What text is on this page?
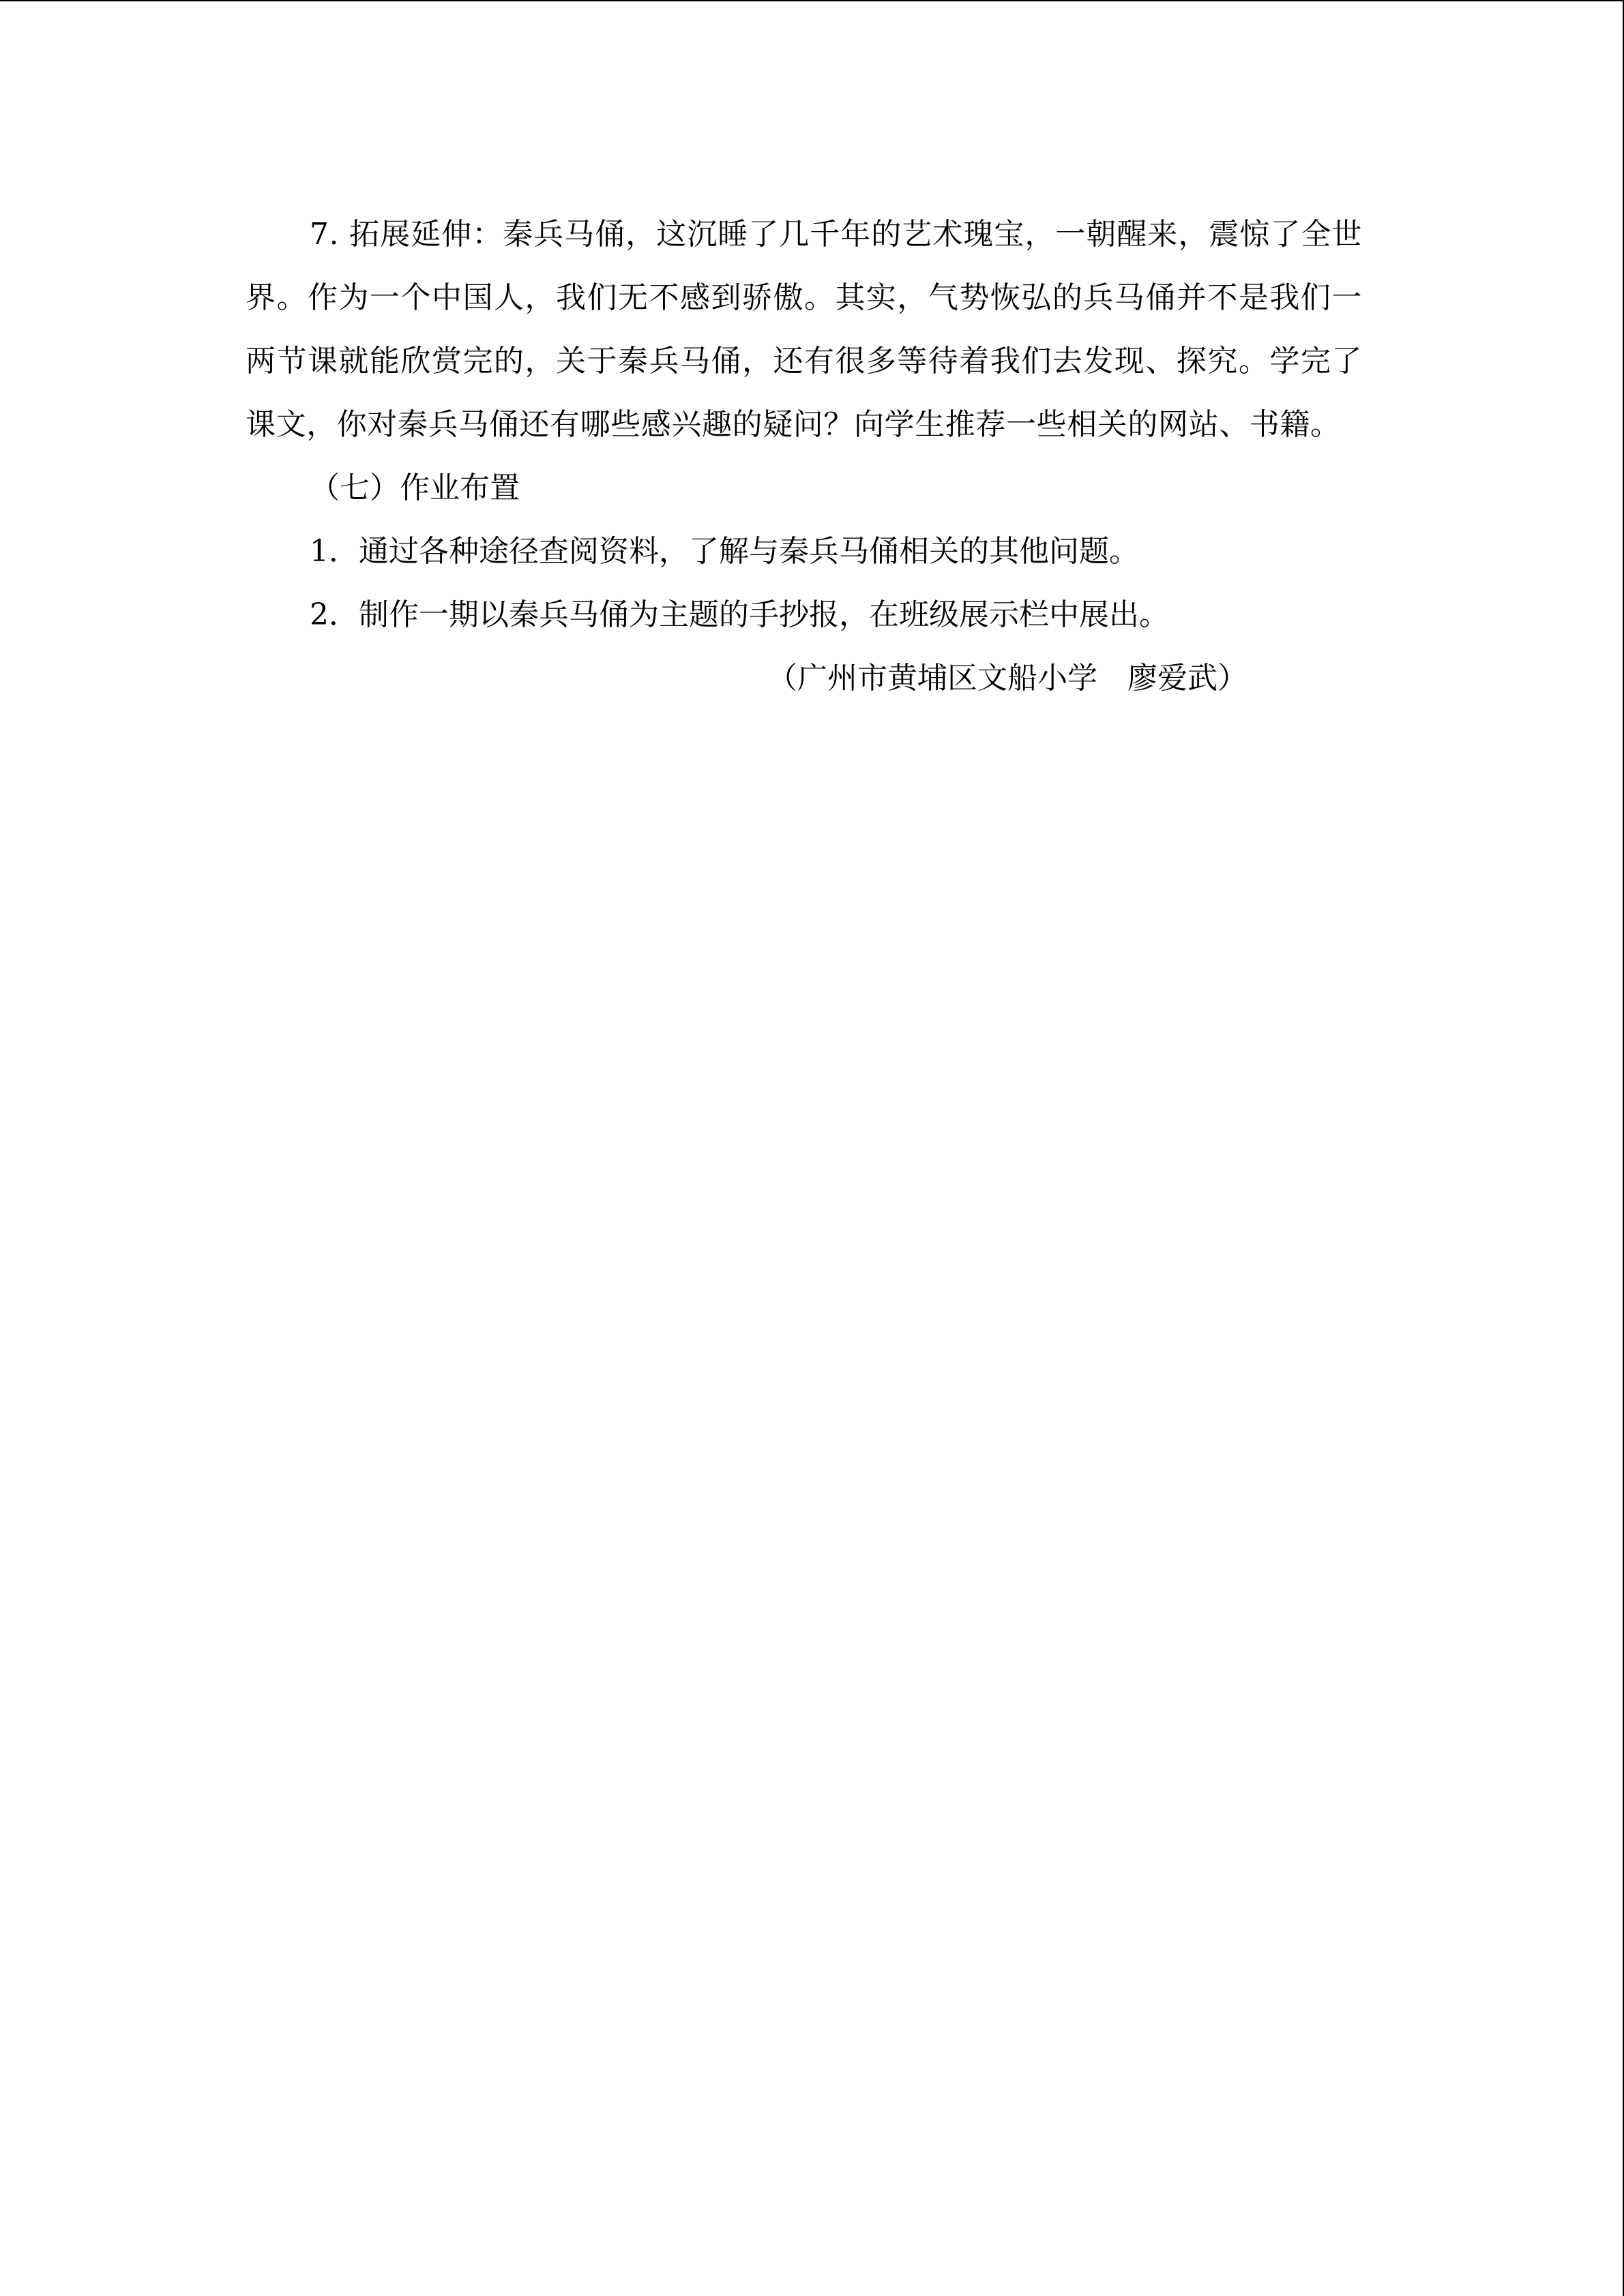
7. 拓展延伸：秦兵马俑，这沉睡了几千年的艺术瑰宝，一朝醒来，震惊了全世界。作为一个中国人，我们无不感到骄傲。其实，气势恢弘的兵马俑并不是我们一两节课就能欣赏完的，关于秦兵马俑，还有很多等待着我们去发现、探究。学完了课文，你对秦兵马俑还有哪些感兴趣的疑问？向学生推荐一些相关的网站、书籍。

（七）作业布置

1．通过各种途径查阅资料，了解与秦兵马俑相关的其他问题。

2．制作一期以秦兵马俑为主题的手抄报，在班级展示栏中展出。

（广州市黄埔区文船小学　廖爱武）
